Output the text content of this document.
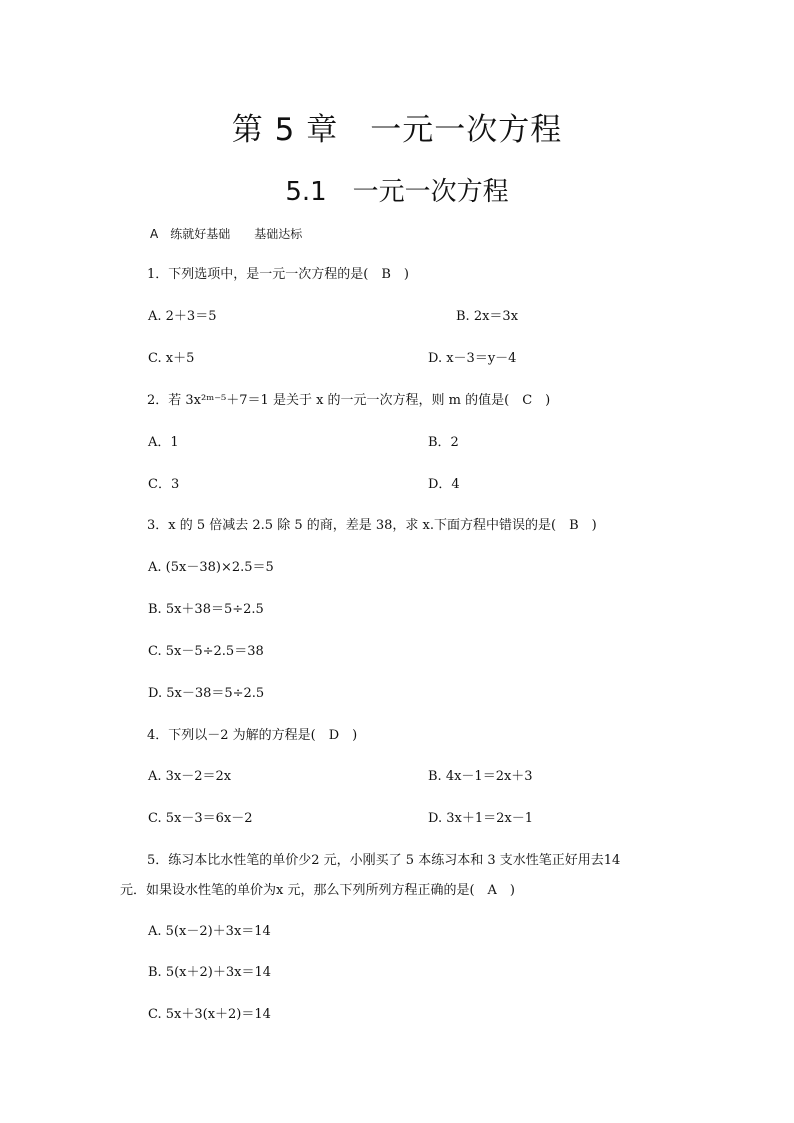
第 5 章　一元一次方程
5.1　一元一次方程
A　练就好基础　　基础达标
1．下列选项中，是一元一次方程的是(　B　)
A. 2＋3＝5	B. 2x＝3x
C. x＋5	D. x－3＝y－4
2．若 3x²ᵐ⁻⁵＋7＝1 是关于 x 的一元一次方程，则 m 的值是(　C　)
A．1	B．2
C．3	D．4
3．x 的 5 倍减去 2.5 除 5 的商，差是 38，求 x.下面方程中错误的是(　B　)
A. (5x－38)×2.5＝5
B. 5x＋38＝5÷2.5
C. 5x－5÷2.5＝38
D. 5x－38＝5÷2.5
4．下列以－2 为解的方程是(　D　)
A. 3x－2＝2x	B. 4x－1＝2x＋3
C. 5x－3＝6x－2	D. 3x＋1＝2x－1
5．练习本比水性笔的单价少2 元，小刚买了 5 本练习本和 3 支水性笔正好用去14
元．如果设水性笔的单价为x 元，那么下列所列方程正确的是(　A　)
A. 5(x－2)＋3x＝14
B. 5(x＋2)＋3x＝14
C. 5x＋3(x＋2)＝14
